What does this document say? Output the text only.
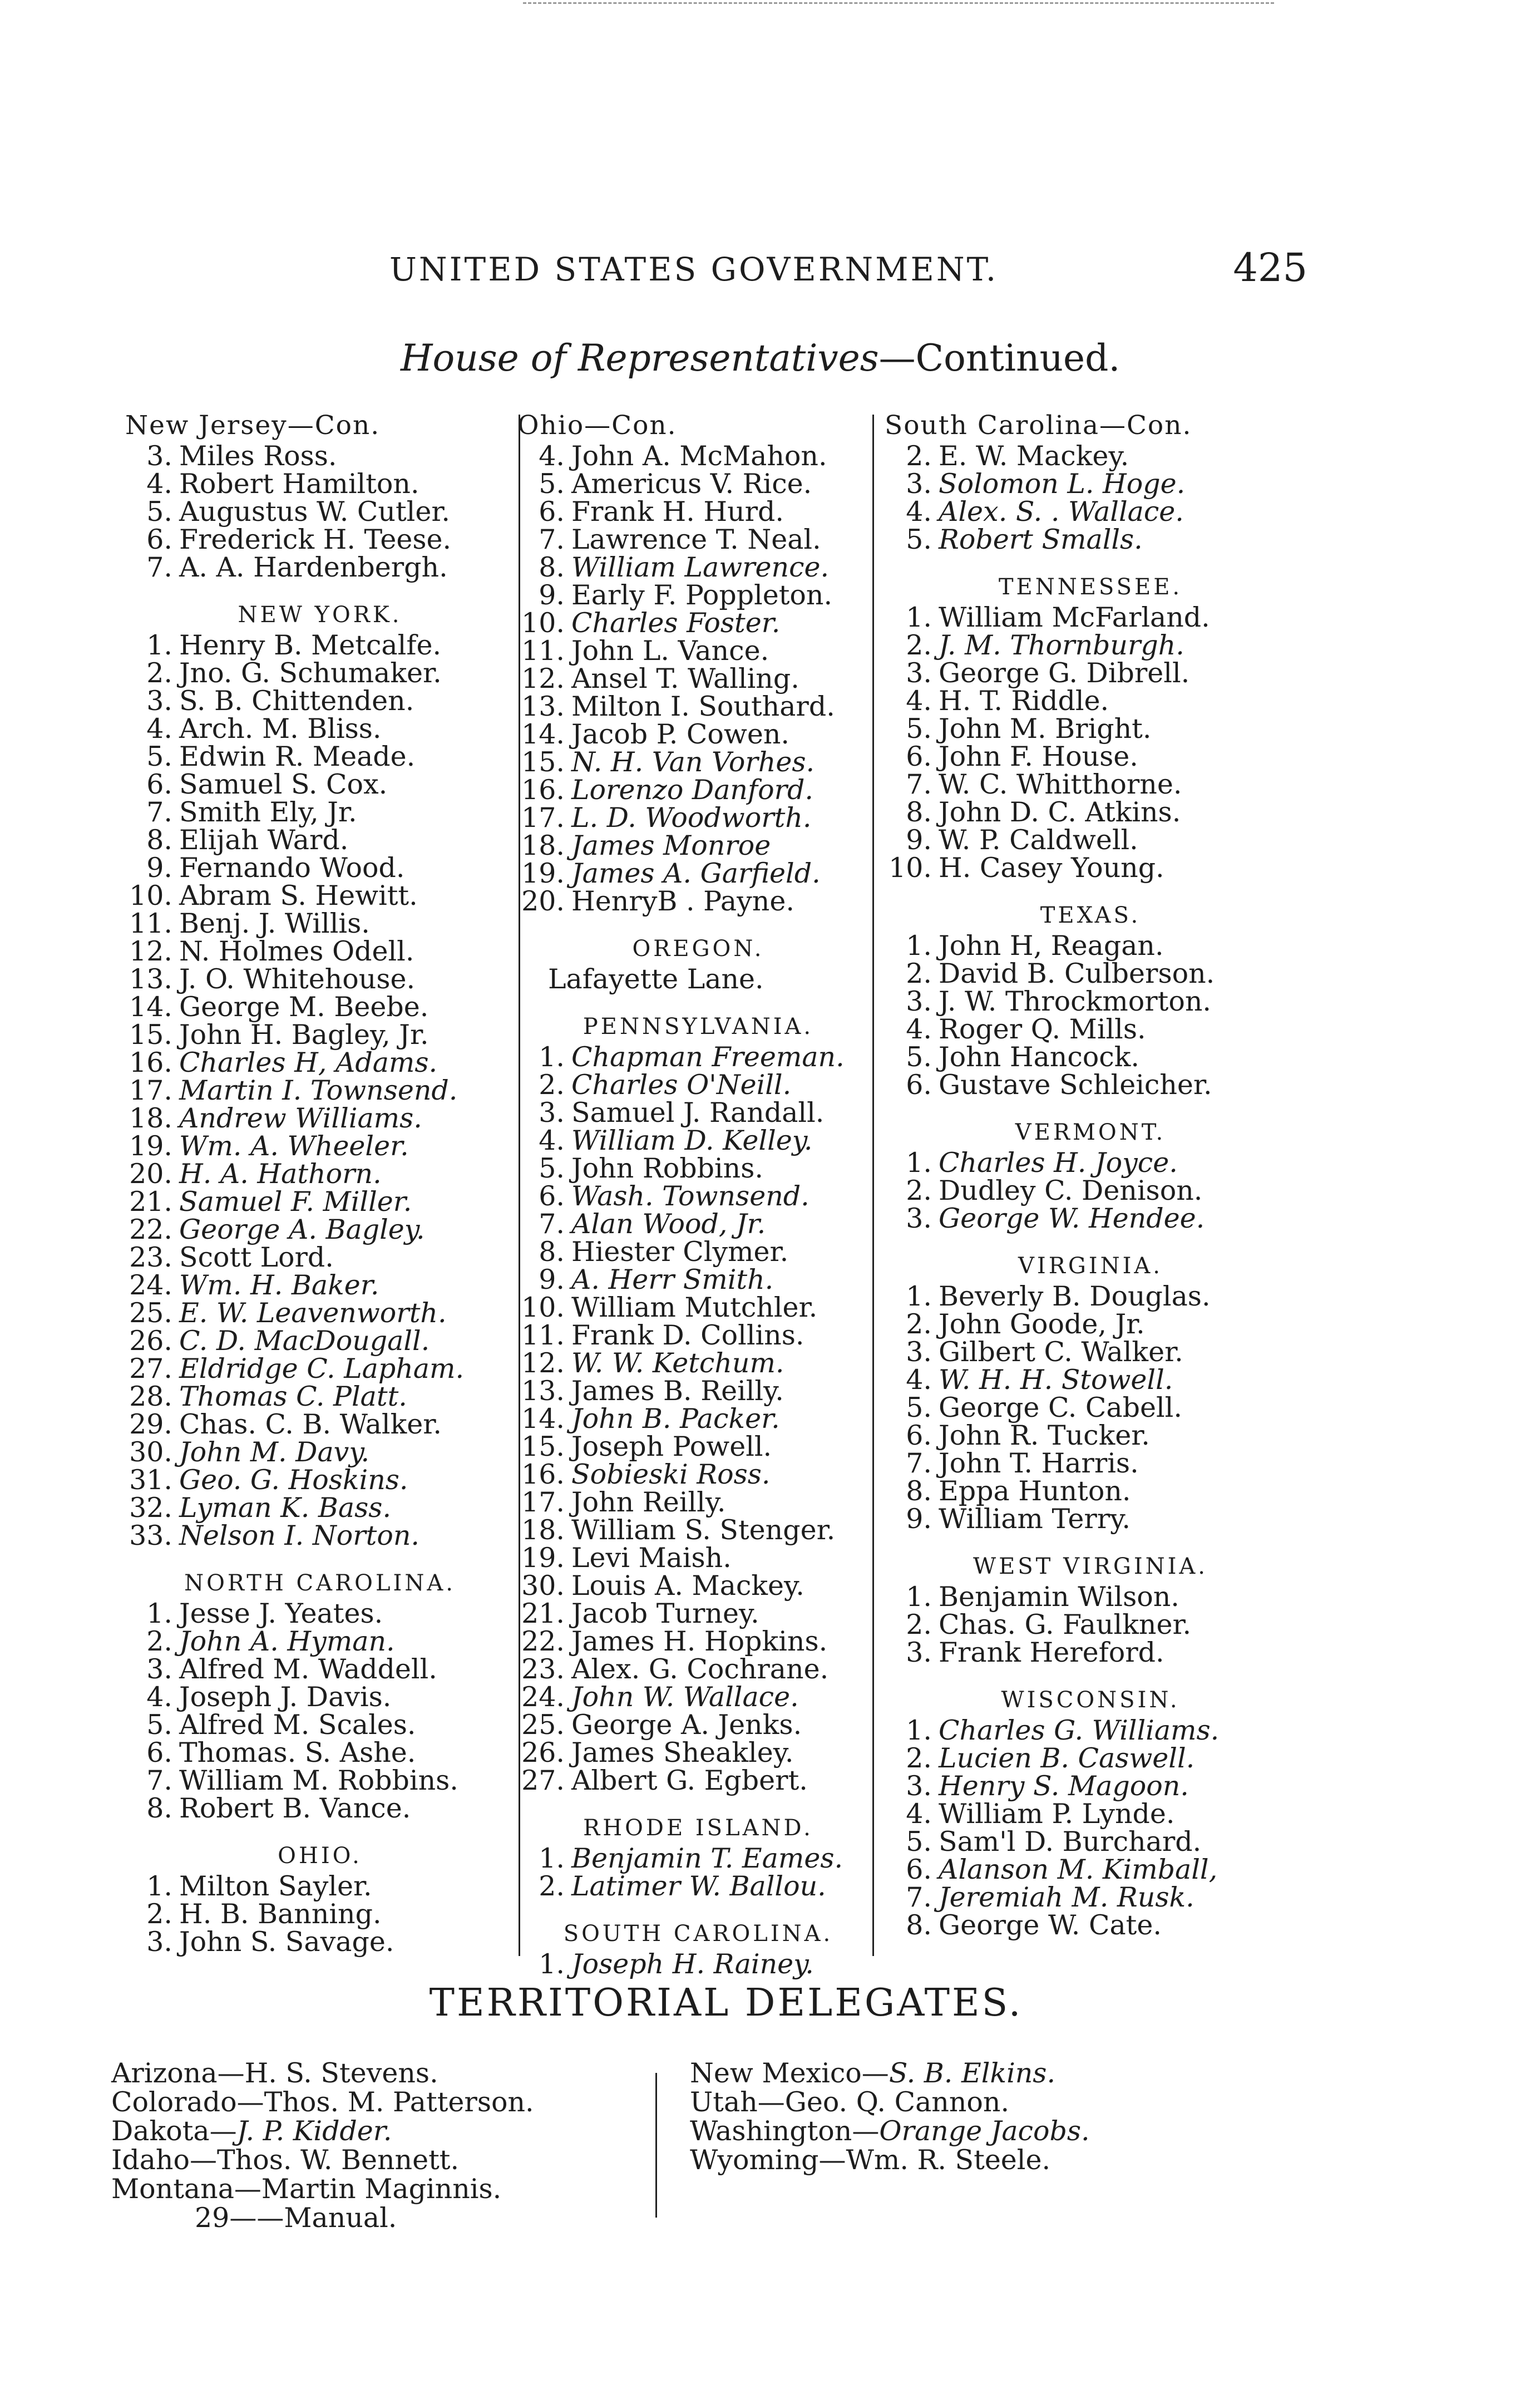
UNITED STATES GOVERNMENT.	425
House of Representatives—Continued.
New Jersey—Con.
3. Miles Ross.
4. Robert Hamilton.
5. Augustus W. Cutler.
6. Frederick H. Teese.
7. A. A. Hardenbergh.
NEW YORK.
1. Henry B. Metcalfe.
2. Jno. G. Schumaker.
3. S. B. Chittenden.
4. Arch. M. Bliss.
5. Edwin R. Meade.
6. Samuel S. Cox.
7. Smith Ely, Jr.
8. Elijah Ward.
9. Fernando Wood.
10. Abram S. Hewitt.
11. Benj. J. Willis.
12. N. Holmes Odell.
13. J. O. Whitehouse.
14. George M. Beebe.
15. John H. Bagley, Jr.
16. Charles H, Adams.
17. Martin I. Townsend.
18. Andrew Williams.
19. Wm. A. Wheeler.
20. H. A. Hathorn.
21. Samuel F. Miller.
22. George A. Bagley.
23. Scott Lord.
24. Wm. H. Baker.
25. E. W. Leavenworth.
26. C. D. MacDougall.
27. Eldridge C. Lapham.
28. Thomas C. Platt.
29. Chas. C. B. Walker.
30. John M. Davy.
31. Geo. G. Hoskins.
32. Lyman K. Bass.
33. Nelson I. Norton.
NORTH CAROLINA.
1. Jesse J. Yeates.
2. John A. Hyman.
3. Alfred M. Waddell.
4. Joseph J. Davis.
5. Alfred M. Scales.
6. Thomas. S. Ashe.
7. William M. Robbins.
8. Robert B. Vance.
OHIO.
1. Milton Sayler.
2. H. B. Banning.
3. John S. Savage.
Ohio—Con.
4. John A. McMahon.
5. Americus V. Rice.
6. Frank H. Hurd.
7. Lawrence T. Neal.
8. William Lawrence.
9. Early F. Poppleton.
10. Charles Foster.
11. John L. Vance.
12. Ansel T. Walling.
13. Milton I. Southard.
14. Jacob P. Cowen.
15. N. H. Van Vorhes.
16. Lorenzo Danford.
17. L. D. Woodworth.
18. James Monroe
19. James A. Garfield.
20. HenryB . Payne.
OREGON.
Lafayette Lane.
PENNSYLVANIA.
1. Chapman Freeman.
2. Charles O'Neill.
3. Samuel J. Randall.
4. William D. Kelley.
5. John Robbins.
6. Wash. Townsend.
7. Alan Wood, Jr.
8. Hiester Clymer.
9. A. Herr Smith.
10. William Mutchler.
11. Frank D. Collins.
12. W. W. Ketchum.
13. James B. Reilly.
14. John B. Packer.
15. Joseph Powell.
16. Sobieski Ross.
17. John Reilly.
18. William S. Stenger.
19. Levi Maish.
30. Louis A. Mackey.
21. Jacob Turney.
22. James H. Hopkins.
23. Alex. G. Cochrane.
24. John W. Wallace.
25. George A. Jenks.
26. James Sheakley.
27. Albert G. Egbert.
RHODE ISLAND.
1. Benjamin T. Eames.
2. Latimer W. Ballou.
SOUTH CAROLINA.
1. Joseph H. Rainey.
South Carolina—Con.
2. E. W. Mackey.
3. Solomon L. Hoge.
4. Alex. S. . Wallace.
5. Robert Smalls.
TENNESSEE.
1. William McFarland.
2. J. M. Thornburgh.
3. George G. Dibrell.
4. H. T. Riddle.
5. John M. Bright.
6. John F. House.
7. W. C. Whitthorne.
8. John D. C. Atkins.
9. W. P. Caldwell.
10. H. Casey Young.
TEXAS.
1. John H, Reagan.
2. David B. Culberson.
3. J. W. Throckmorton.
4. Roger Q. Mills.
5. John Hancock.
6. Gustave Schleicher.
VERMONT.
1. Charles H. Joyce.
2. Dudley C. Denison.
3. George W. Hendee.
VIRGINIA.
1. Beverly B. Douglas.
2. John Goode, Jr.
3. Gilbert C. Walker.
4. W. H. H. Stowell.
5. George C. Cabell.
6. John R. Tucker.
7. John T. Harris.
8. Eppa Hunton.
9. William Terry.
WEST VIRGINIA.
1. Benjamin Wilson.
2. Chas. G. Faulkner.
3. Frank Hereford.
WISCONSIN.
1. Charles G. Williams.
2. Lucien B. Caswell.
3. Henry S. Magoon.
4. William P. Lynde.
5. Sam'l D. Burchard.
6. Alanson M. Kimball,
7. Jeremiah M. Rusk.
8. George W. Cate.
TERRITORIAL DELEGATES.
Arizona—H. S. Stevens.
Colorado—Thos. M. Patterson.
Dakota—J. P. Kidder.
Idaho—Thos. W. Bennett.
Montana—Martin Maginnis.
29——Manual.
New Mexico—S. B. Elkins.
Utah—Geo. Q. Cannon.
Washington—Orange Jacobs.
Wyoming—Wm. R. Steele.
